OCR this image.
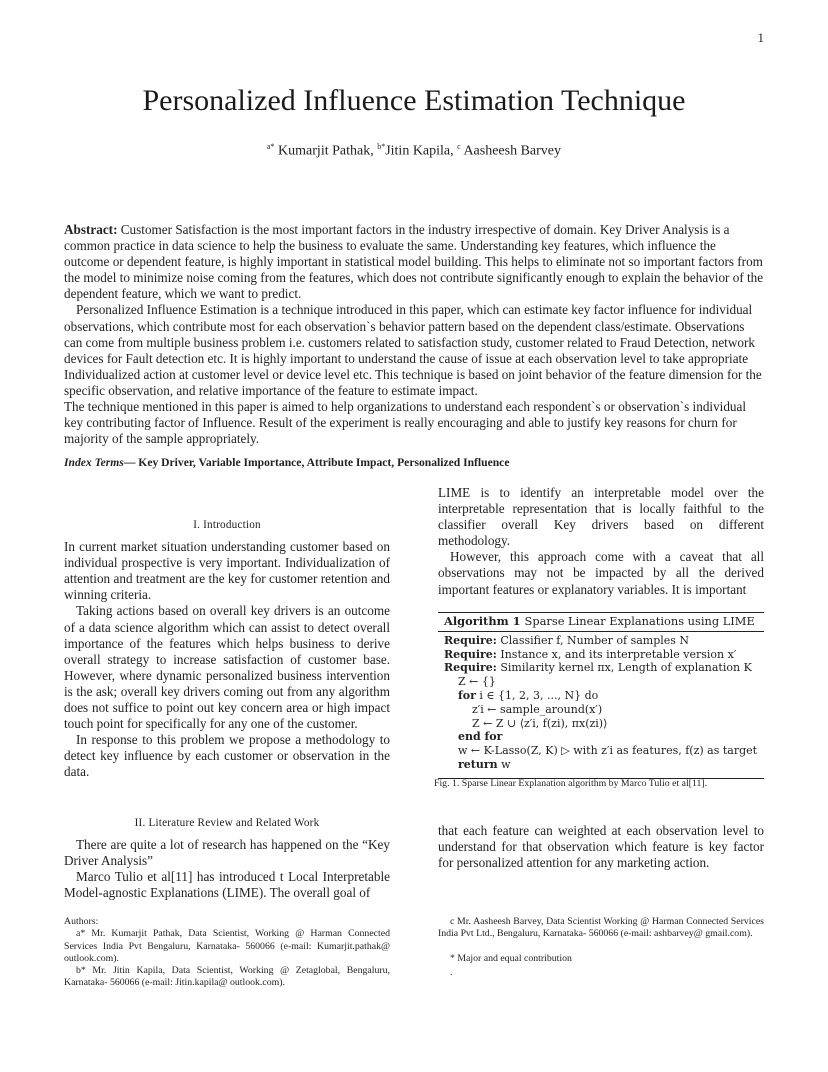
1
Personalized Influence Estimation Technique
$^{a*}$ Kumarjit Pathak, $^{b*}$Jitin Kapila, $^c$ Aasheesh Barvey

Abstract: Customer Satisfaction is the most important factors in the industry irrespective of domain. Key Driver Analysis is a common practice in data science to help the business to evaluate the same. Understanding key features, which influence the outcome or dependent feature, is highly important in statistical model building. This helps to eliminate not so important factors from the model to minimize noise coming from the features, which does not contribute significantly enough to explain the behavior of the dependent feature, which we want to predict.

Personalized Influence Estimation is a technique introduced in this paper, which can estimate key factor influence for individual observations, which contribute most for each observation`s behavior pattern based on the dependent class/estimate. Observations can come from multiple business problem i.e. customers related to satisfaction study, customer related to Fraud Detection, network devices for Fault detection etc. It is highly important to understand the cause of issue at each observation level to take appropriate Individualized action at customer level or device level etc. This technique is based on joint behavior of the feature dimension for the specific observation, and relative importance of the feature to estimate impact.

The technique mentioned in this paper is aimed to help organizations to understand each respondent`s or observation`s individual key contributing factor of Influence. Result of the experiment is really encouraging and able to justify key reasons for churn for majority of the sample appropriately.

Index Terms— Key Driver, Variable Importance, Attribute Impact, Personalized Influence
I. Introduction

In current market situation understanding customer based on individual prospective is very important. Individualization of attention and treatment are the key for customer retention and winning criteria.

Taking actions based on overall key drivers is an outcome of a data science algorithm which can assist to detect overall importance of the features which helps business to derive overall strategy to increase satisfaction of customer base. However, where dynamic personalized business intervention is the ask; overall key drivers coming out from any algorithm does not suffice to point out key concern area or high impact touch point for specifically for any one of the customer.

In response to this problem we propose a methodology to detect key influence by each customer or observation in the data.

II. Literature Review and Related Work

There are quite a lot of research has happened on the “Key Driver Analysis”

Marco Tulio et al[11] has introduced t Local Interpretable Model-agnostic Explanations (LIME). The overall goal of

LIME is to identify an interpretable model over the interpretable representation that is locally faithful to the classifier overall Key drivers based on different methodology.

However, this approach come with a caveat that all observations may not be impacted by all the derived important features or explanatory variables. It is important

Algorithm 1 Sparse Linear Explanations using LIME
Require: Classifier f, Number of samples N
Require: Instance x, and its interpretable version x′
Require: Similarity kernel πx, Length of explanation K
Z ← {}
for i ∈ {1, 2, 3, ..., N} do
z′i ← sample_around(x′)
Z ← Z ∪ ⟨z′i, f(zi), πx(zi)⟩
end for
w ← K-Lasso(Z, K) ▷ with z′i as features, f(z) as target
return w
Fig. 1. Sparse Linear Explanation algorithm by Marco Tulio et al[11].

that each feature can weighted at each observation level to understand for that observation which feature is key factor for personalized attention for any marketing action.

Authors:

a* Mr. Kumarjit Pathak, Data Scientist, Working @ Harman Connected Services India Pvt Bengaluru, Karnataka- 560066 (e-mail: Kumarjit.pathak@ outlook.com).

b* Mr. Jitin Kapila, Data Scientist, Working @ Zetaglobal, Bengaluru, Karnataka- 560066 (e-mail: Jitin.kapila@ outlook.com).

c Mr. Aasheesh Barvey, Data Scientist Working @ Harman Connected Services India Pvt Ltd., Bengaluru, Karnataka- 560066 (e-mail: ashbarvey@ gmail.com).

* Major and equal contribution

.
